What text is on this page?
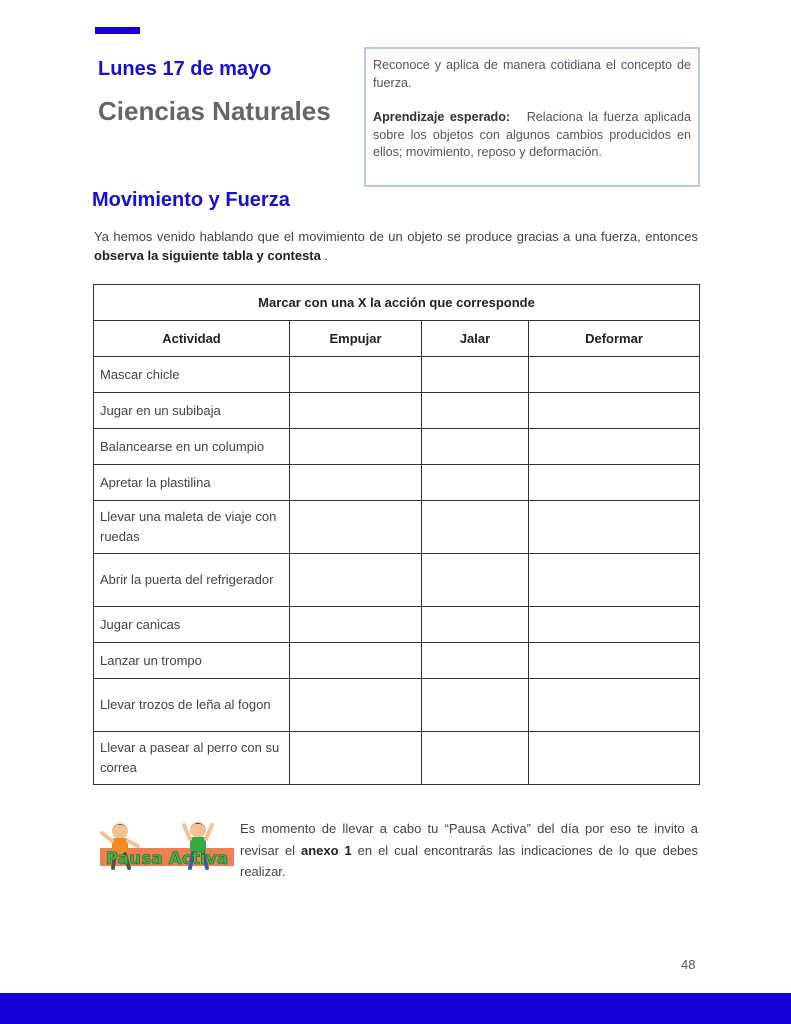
Lunes 17 de mayo
Ciencias Naturales

Reconoce y aplica de manera cotidiana el concepto de fuerza.

Aprendizaje esperado: Relaciona la fuerza aplicada sobre los objetos con algunos cambios producidos en ellos; movimiento, reposo y deformación.

Movimiento y Fuerza
Ya hemos venido hablando que el movimiento de un objeto se produce gracias a una fuerza, entonces observa la siguiente tabla y contesta .
Marcar con una X la acción que corresponde			
Actividad	Empujar	Jalar	Deformar
Mascar chicle			
Jugar en un subibaja			
Balancearse en un columpio			
Apretar la plastilina			
Llevar una maleta de viaje con ruedas			
Abrir la puerta del refrigerador			
Jugar canicas			
Lanzar un trompo			
Llevar trozos de leña al fogon			
Llevar a pasear al perro con su correa			
Pausa Activa
Es momento de llevar a cabo tu “Pausa Activa” del día por eso te invito a revisar el anexo 1 en el cual encontrarás las indicaciones de lo que debes realizar.
48
